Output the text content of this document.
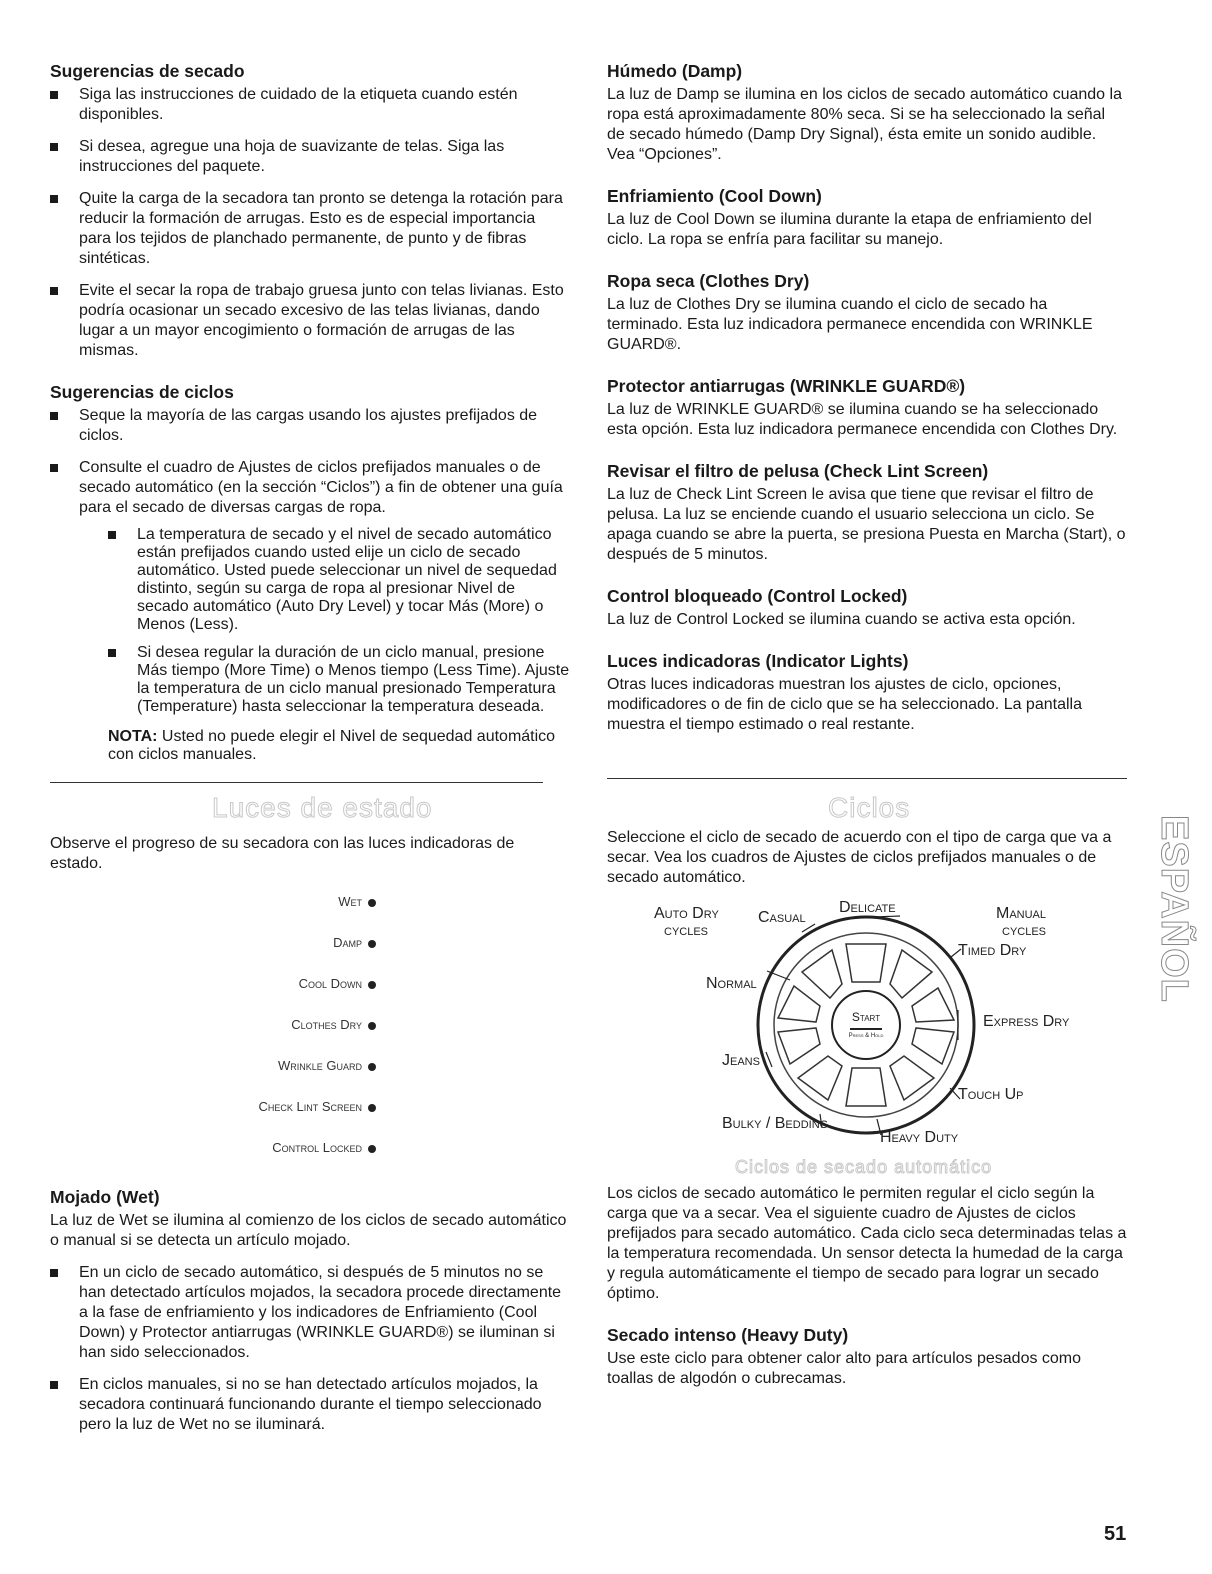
Sugerencias de secado
Siga las instrucciones de cuidado de la etiqueta cuando estén disponibles.
Si desea, agregue una hoja de suavizante de telas. Siga las instrucciones del paquete.
Quite la carga de la secadora tan pronto se detenga la rotación para reducir la formación de arrugas. Esto es de especial importancia para los tejidos de planchado permanente, de punto y de fibras sintéticas.
Evite el secar la ropa de trabajo gruesa junto con telas livianas. Esto podría ocasionar un secado excesivo de las telas livianas, dando lugar a un mayor encogimiento o formación de arrugas de las mismas.
Sugerencias de ciclos
Seque la mayoría de las cargas usando los ajustes prefijados de ciclos.
Consulte el cuadro de Ajustes de ciclos prefijados manuales o de secado automático (en la sección “Ciclos”) a fin de obtener una guía para el secado de diversas cargas de ropa.
La temperatura de secado y el nivel de secado automático están prefijados cuando usted elije un ciclo de secado automático. Usted puede seleccionar un nivel de sequedad distinto, según su carga de ropa al presionar Nivel de secado automático (Auto Dry Level) y tocar Más (More) o Menos (Less).
Si desea regular la duración de un ciclo manual, presione Más tiempo (More Time) o Menos tiempo (Less Time). Ajuste la temperatura de un ciclo manual presionado Temperatura (Temperature) hasta seleccionar la temperatura deseada.

NOTA: Usted no puede elegir el Nivel de sequedad automático con ciclos manuales.

Luces de estado

Observe el progreso de su secadora con las luces indicadoras de estado.

Wet
Damp
Cool Down
Clothes Dry
Wrinkle Guard
Check Lint Screen
Control Locked
Mojado (Wet)

La luz de Wet se ilumina al comienzo de los ciclos de secado automático o manual si se detecta un artículo mojado.

En un ciclo de secado automático, si después de 5 minutos no se han detectado artículos mojados, la secadora procede directamente a la fase de enfriamiento y los indicadores de Enfriamiento (Cool Down) y Protector antiarrugas (WRINKLE GUARD®) se iluminan si han sido seleccionados.
En ciclos manuales, si no se han detectado artículos mojados, la secadora continuará funcionando durante el tiempo seleccionado pero la luz de Wet no se iluminará.
Húmedo (Damp)

La luz de Damp se ilumina en los ciclos de secado automático cuando la ropa está aproximadamente 80% seca. Si se ha seleccionado la señal de secado húmedo (Damp Dry Signal), ésta emite un sonido audible. Vea “Opciones”.

Enfriamiento (Cool Down)

La luz de Cool Down se ilumina durante la etapa de enfriamiento del ciclo. La ropa se enfría para facilitar su manejo.

Ropa seca (Clothes Dry)

La luz de Clothes Dry se ilumina cuando el ciclo de secado ha terminado. Esta luz indicadora permanece encendida con WRINKLE GUARD®.

Protector antiarrugas (WRINKLE GUARD®)

La luz de WRINKLE GUARD® se ilumina cuando se ha seleccionado esta opción. Esta luz indicadora permanece encendida con Clothes Dry.

Revisar el filtro de pelusa (Check Lint Screen)

La luz de Check Lint Screen le avisa que tiene que revisar el filtro de pelusa. La luz se enciende cuando el usuario selecciona un ciclo. Se apaga cuando se abre la puerta, se presiona Puesta en Marcha (Start), o después de 5 minutos.

Control bloqueado (Control Locked)

La luz de Control Locked se ilumina cuando se activa esta opción.

Luces indicadoras (Indicator Lights)

Otras luces indicadoras muestran los ajustes de ciclo, opciones, modificadores o de fin de ciclo que se ha seleccionado. La pantalla muestra el tiempo estimado o real restante.

Ciclos

Seleccione el ciclo de secado de acuerdo con el tipo de carga que va a secar. Vea los cuadros de Ajustes de ciclos prefijados manuales o de secado automático.

Auto Dry
cycles
Casual
Delicate	Manual
cycles
Timed Dry
Normal
Express Dry
Jeans
Touch Up
Bulky / Bedding
Heavy Duty
Start
Press & Hold
Ciclos de secado automático

Los ciclos de secado automático le permiten regular el ciclo según la carga que va a secar. Vea el siguiente cuadro de Ajustes de ciclos prefijados para secado automático. Cada ciclo seca determinadas telas a la temperatura recomendada. Un sensor detecta la humedad de la carga y regula automáticamente el tiempo de secado para lograr un secado óptimo.

Secado intenso (Heavy Duty)

Use este ciclo para obtener calor alto para artículos pesados como toallas de algodón o cubrecamas.

ESPAÑOL
51
